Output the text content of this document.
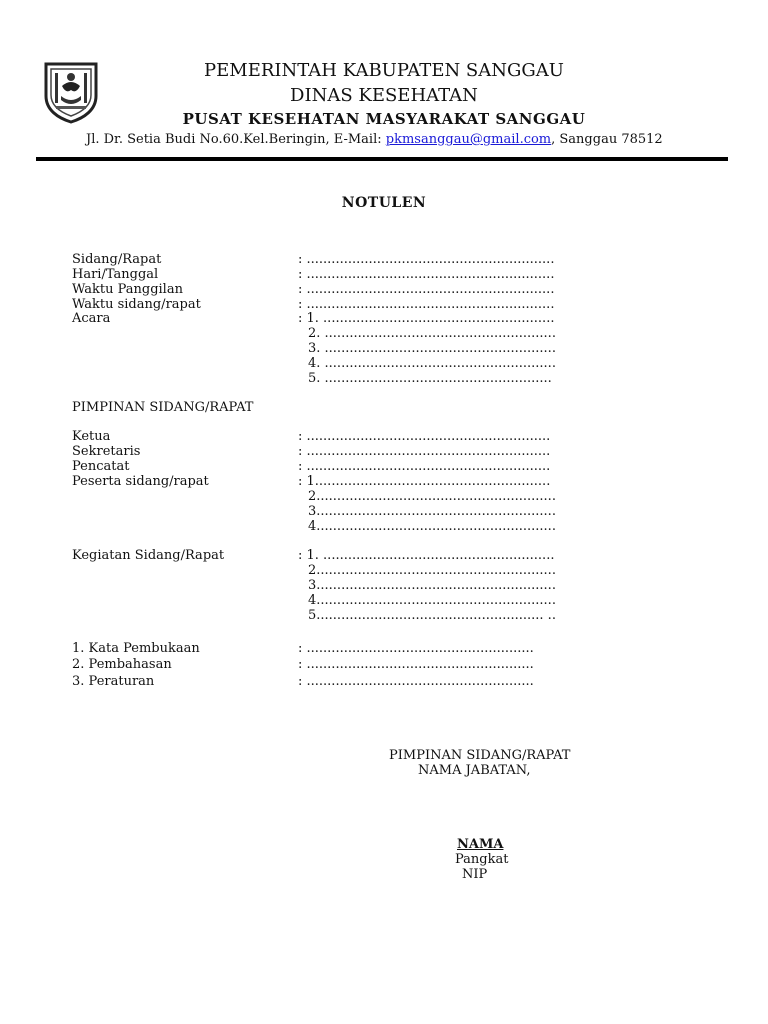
PEMERINTAH KABUPATEN SANGGAU
DINAS KESEHATAN
PUSAT KESEHATAN MASYARAKAT SANGGAU
Jl. Dr. Setia Budi No.60.Kel.Beringin, E-Mail: pkmsanggau@gmail.com, Sanggau 78512
NOTULEN
Sidang/Rapat	: ............................................................
Hari/Tanggal	: ............................................................
Waktu Panggilan	: ............................................................
Waktu sidang/rapat	: ............................................................
Acara	: 1. ........................................................
2. ........................................................
3. ........................................................
4. ........................................................
5. .......................................................
PIMPINAN SIDANG/RAPAT
Ketua	: ...........................................................
Sekretaris	: ...........................................................
Pencatat	: ...........................................................
Peserta sidang/rapat	: 1.........................................................
2..........................................................
3..........................................................
4..........................................................
Kegiatan Sidang/Rapat	: 1. ........................................................
2..........................................................
3..........................................................
4..........................................................
5....................................................... ..
1. Kata Pembukaan	: .......................................................
2. Pembahasan	: .......................................................
3. Peraturan	: .......................................................
PIMPINAN SIDANG/RAPAT
NAMA JABATAN,
NAMA
Pangkat
NIP
